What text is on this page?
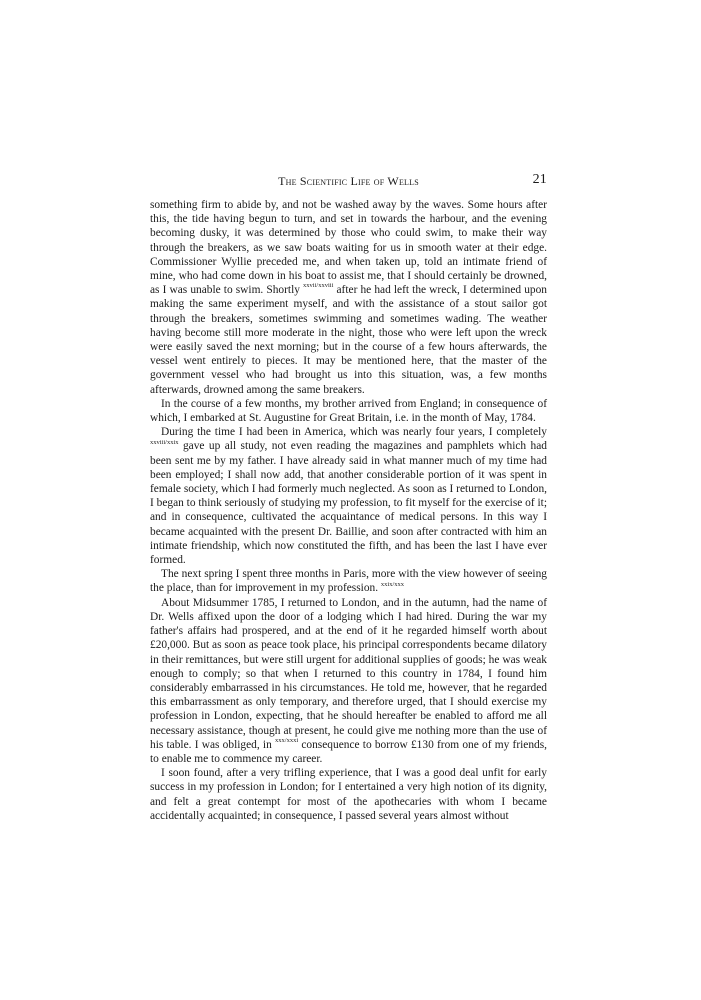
The Scientific Life of Wells	21

something firm to abide by, and not be washed away by the waves. Some hours after this, the tide having begun to turn, and set in towards the harbour, and the evening becoming dusky, it was determined by those who could swim, to make their way through the breakers, as we saw boats waiting for us in smooth water at their edge. Commissioner Wyllie preceded me, and when taken up, told an intimate friend of mine, who had come down in his boat to assist me, that I should certainly be drowned, as I was unable to swim. Shortly $^{xxvii/xxviii}$ after he had left the wreck, I determined upon making the same experiment myself, and with the assistance of a stout sailor got through the breakers, sometimes swimming and sometimes wading. The weather having become still more moderate in the night, those who were left upon the wreck were easily saved the next morning; but in the course of a few hours afterwards, the vessel went entirely to pieces. It may be mentioned here, that the master of the government vessel who had brought us into this situation, was, a few months afterwards, drowned among the same breakers.

In the course of a few months, my brother arrived from England; in consequence of which, I embarked at St. Augustine for Great Britain, i.e. in the month of May, 1784.

During the time I had been in America, which was nearly four years, I completely $^{xxviii/xxix}$ gave up all study, not even reading the magazines and pamphlets which had been sent me by my father. I have already said in what manner much of my time had been employed; I shall now add, that another considerable portion of it was spent in female society, which I had formerly much neglected. As soon as I returned to London, I began to think seriously of studying my profession, to fit myself for the exercise of it; and in consequence, cultivated the acquaintance of medical persons. In this way I became acquainted with the present Dr. Baillie, and soon after contracted with him an intimate friendship, which now constituted the fifth, and has been the last I have ever formed.

The next spring I spent three months in Paris, more with the view however of seeing the place, than for improvement in my profession. $^{xxix/xxx}$

About Midsummer 1785, I returned to London, and in the autumn, had the name of Dr. Wells affixed upon the door of a lodging which I had hired. During the war my father's affairs had prospered, and at the end of it he regarded himself worth about £20,000. But as soon as peace took place, his principal correspondents became dilatory in their remittances, but were still urgent for additional supplies of goods; he was weak enough to comply; so that when I returned to this country in 1784, I found him considerably embarrassed in his circumstances. He told me, however, that he regarded this embarrassment as only temporary, and therefore urged, that I should exercise my profession in London, expecting, that he should hereafter be enabled to afford me all necessary assistance, though at present, he could give me nothing more than the use of his table. I was obliged, in $^{xxx/xxxi}$ consequence to borrow £130 from one of my friends, to enable me to commence my career.

I soon found, after a very trifling experience, that I was a good deal unfit for early success in my profession in London; for I entertained a very high notion of its dignity, and felt a great contempt for most of the apothecaries with whom I became accidentally acquainted; in consequence, I passed several years almost without
